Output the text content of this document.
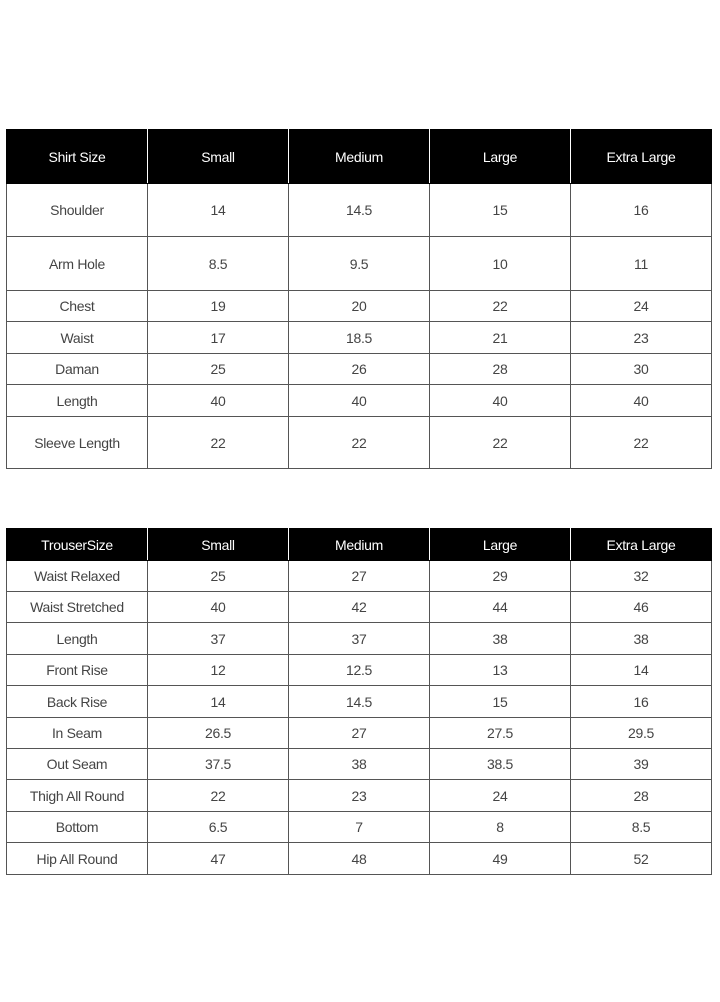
Shirt Size	Small	Medium	Large	Extra Large
Shoulder	14	14.5	15	16
Arm Hole	8.5	9.5	10	11
Chest	19	20	22	24
Waist	17	18.5	21	23
Daman	25	26	28	30
Length	40	40	40	40
Sleeve Length	22	22	22	22
TrouserSize	Small	Medium	Large	Extra Large
Waist Relaxed	25	27	29	32
Waist Stretched	40	42	44	46
Length	37	37	38	38
Front Rise	12	12.5	13	14
Back Rise	14	14.5	15	16
In Seam	26.5	27	27.5	29.5
Out Seam	37.5	38	38.5	39
Thigh All Round	22	23	24	28
Bottom	6.5	7	8	8.5
Hip All Round	47	48	49	52
